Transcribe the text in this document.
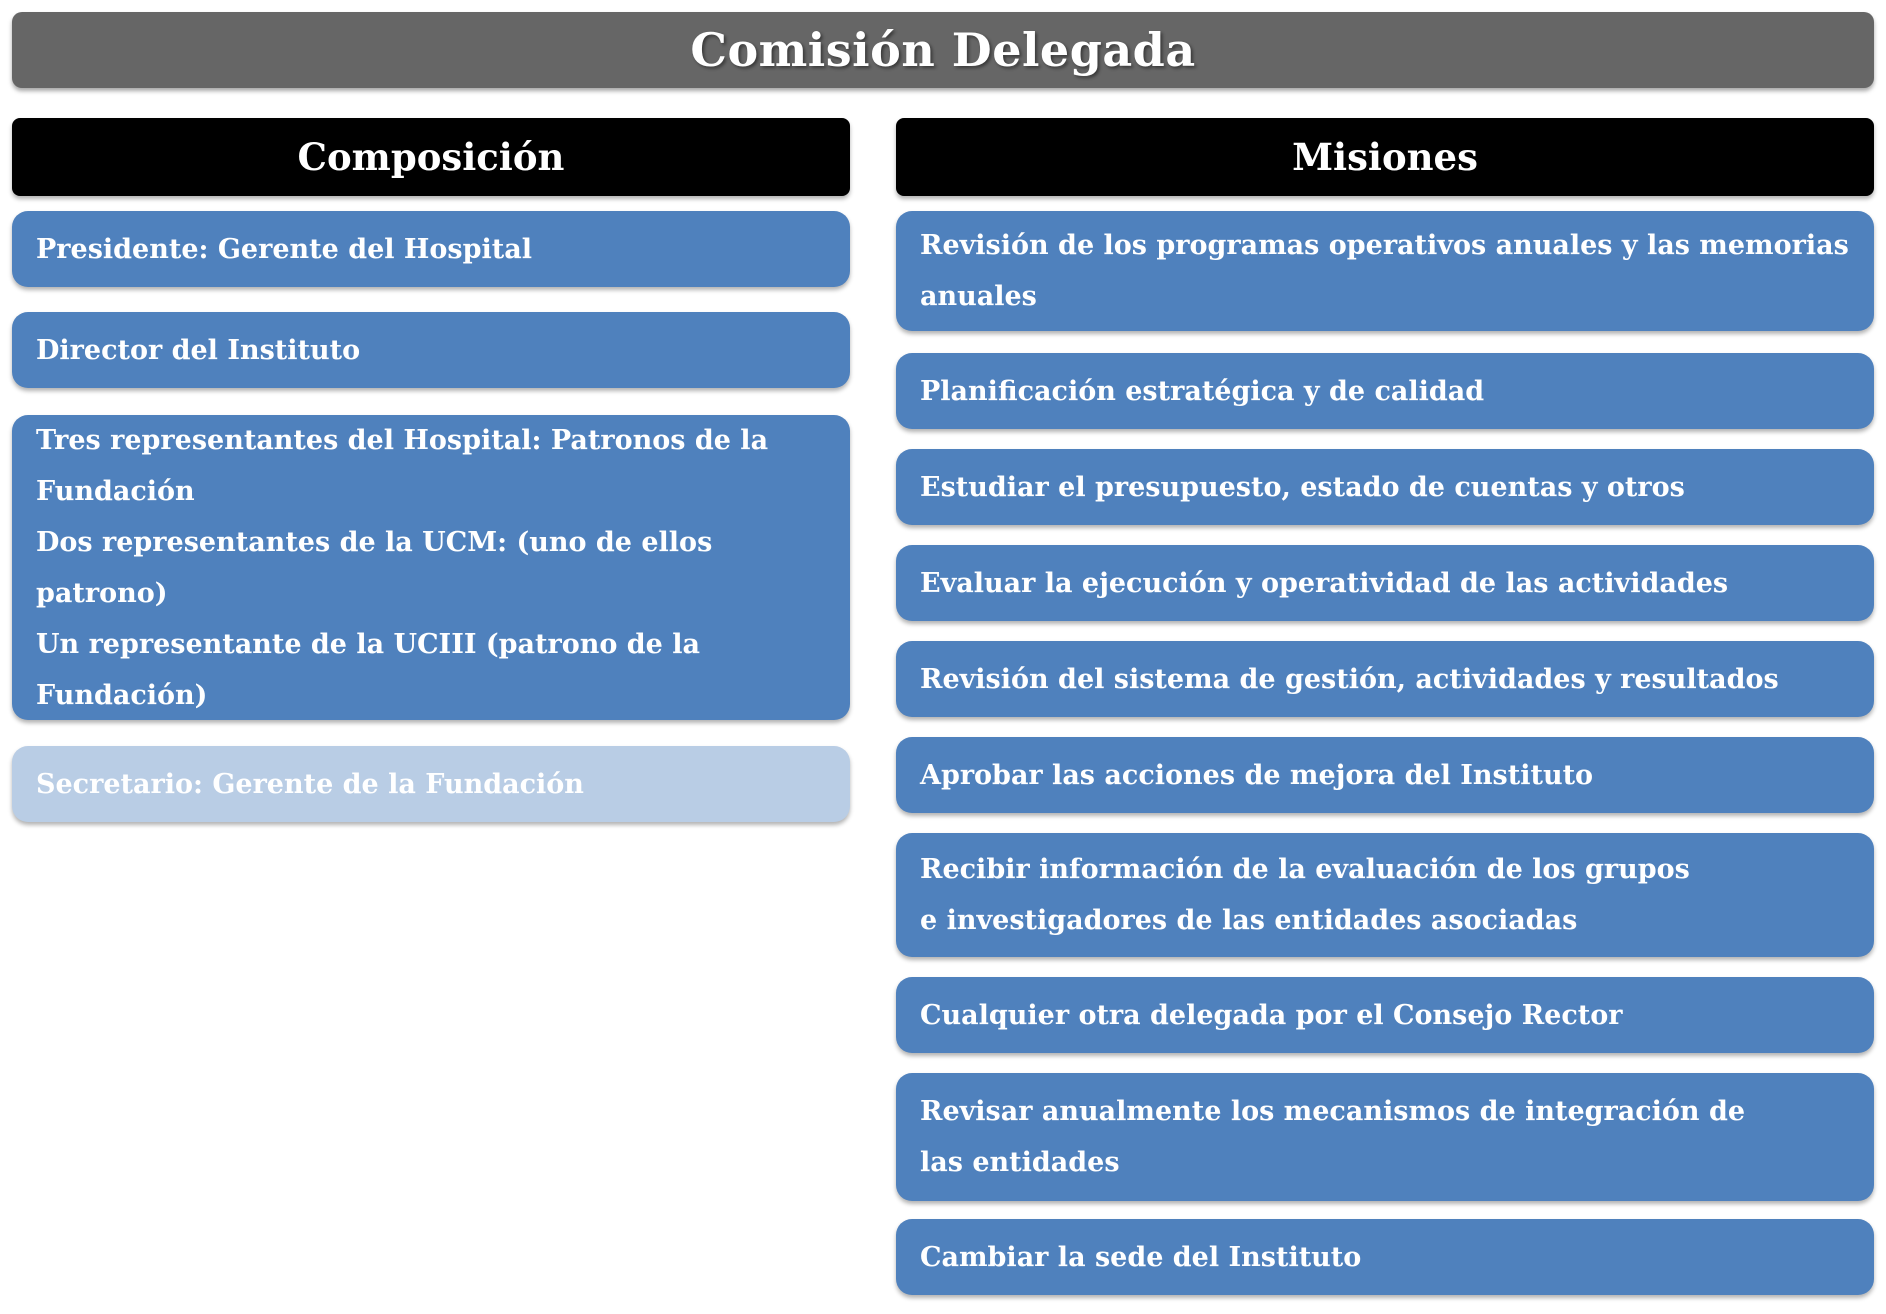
Comisión Delegada
Composición
Presidente: Gerente del Hospital
Director del Instituto
Tres representantes del Hospital: Patronos de la Fundación
Dos representantes de la UCM: (uno de ellos patrono)
Un representante de la UCIII (patrono de la Fundación)
Secretario: Gerente de la Fundación
Misiones
Revisión de los programas operativos anuales y las memorias anuales
Planificación estratégica y de calidad
Estudiar el presupuesto, estado de cuentas y otros
Evaluar la ejecución y operatividad de las actividades
Revisión del sistema de gestión, actividades y resultados
Aprobar las acciones de mejora del Instituto
Recibir información de la evaluación de los grupos e investigadores de las entidades asociadas
Cualquier otra delegada por el Consejo Rector
Revisar anualmente los mecanismos de integración de las entidades
Cambiar la sede del Instituto
